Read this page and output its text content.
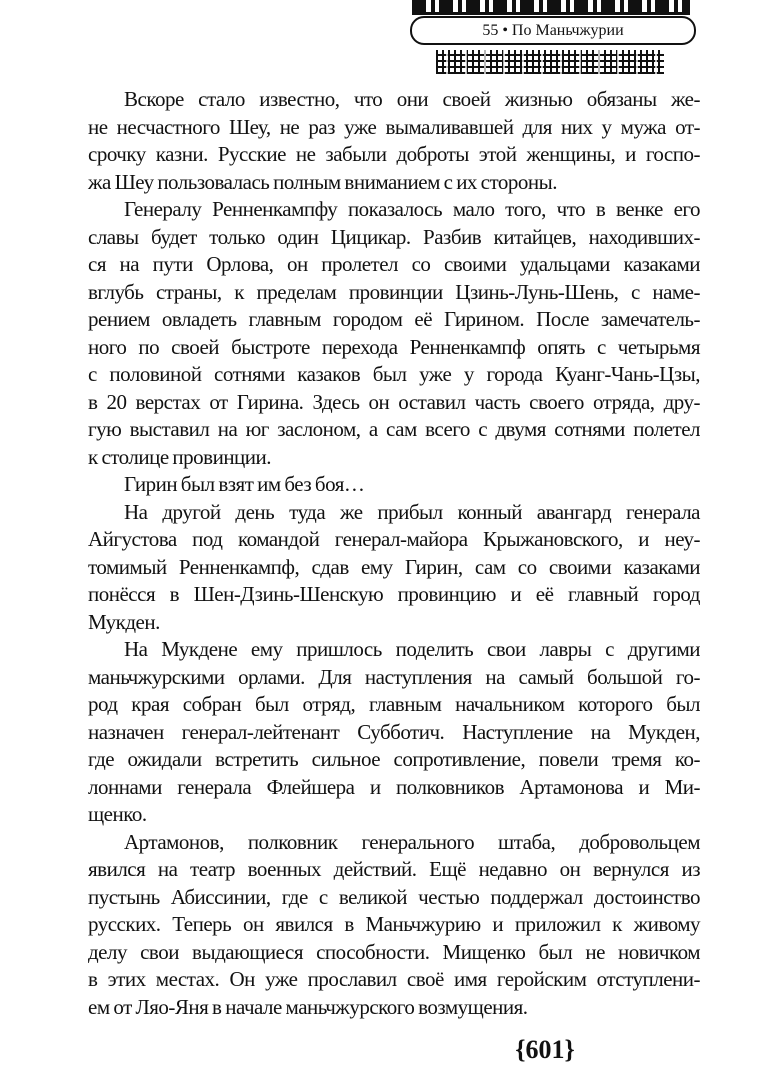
55 • По Маньчжурии
Вскоре стало известно, что они своей жизнью обязаны же-
не несчастного Шеу, не раз уже вымаливавшей для них у мужа от-
срочку казни. Русские не забыли доброты этой женщины, и госпо-
жа Шеу пользовалась полным вниманием с их стороны.
Генералу Ренненкампфу показалось мало того, что в венке его
славы будет только один Цицикар. Разбив китайцев, находивших-
ся на пути Орлова, он пролетел со своими удальцами казаками
вглубь страны, к пределам провинции Цзинь-Лунь-Шень, с наме-
рением овладеть главным городом её Гирином. После замечатель-
ного по своей быстроте перехода Ренненкампф опять с четырьмя
с половиной сотнями казаков был уже у города Куанг-Чань-Цзы,
в 20 верстах от Гирина. Здесь он оставил часть своего отряда, дру-
гую выставил на юг заслоном, а сам всего с двумя сотнями полетел
к столице провинции.
Гирин был взят им без боя…
На другой день туда же прибыл конный авангард генерала
Айгустова под командой генерал-майора Крыжановского, и неу-
томимый Ренненкампф, сдав ему Гирин, сам со своими казаками
понёсся в Шен-Дзинь-Шенскую провинцию и её главный город
Мукден.
На Мукдене ему пришлось поделить свои лавры с другими
маньчжурскими орлами. Для наступления на самый большой го-
род края собран был отряд, главным начальником которого был
назначен генерал-лейтенант Субботич. Наступление на Мукден,
где ожидали встретить сильное сопротивление, повели тремя ко-
лоннами генерала Флейшера и полковников Артамонова и Ми-
щенко.
Артамонов, полковник генерального штаба, добровольцем
явился на театр военных действий. Ещё недавно он вернулся из
пустынь Абиссинии, где с великой честью поддержал достоинство
русских. Теперь он явился в Маньчжурию и приложил к живому
делу свои выдающиеся способности. Мищенко был не новичком
в этих местах. Он уже прославил своё имя геройским отступлени-
ем от Ляо-Яня в начале маньчжурского возмущения.
{601}
